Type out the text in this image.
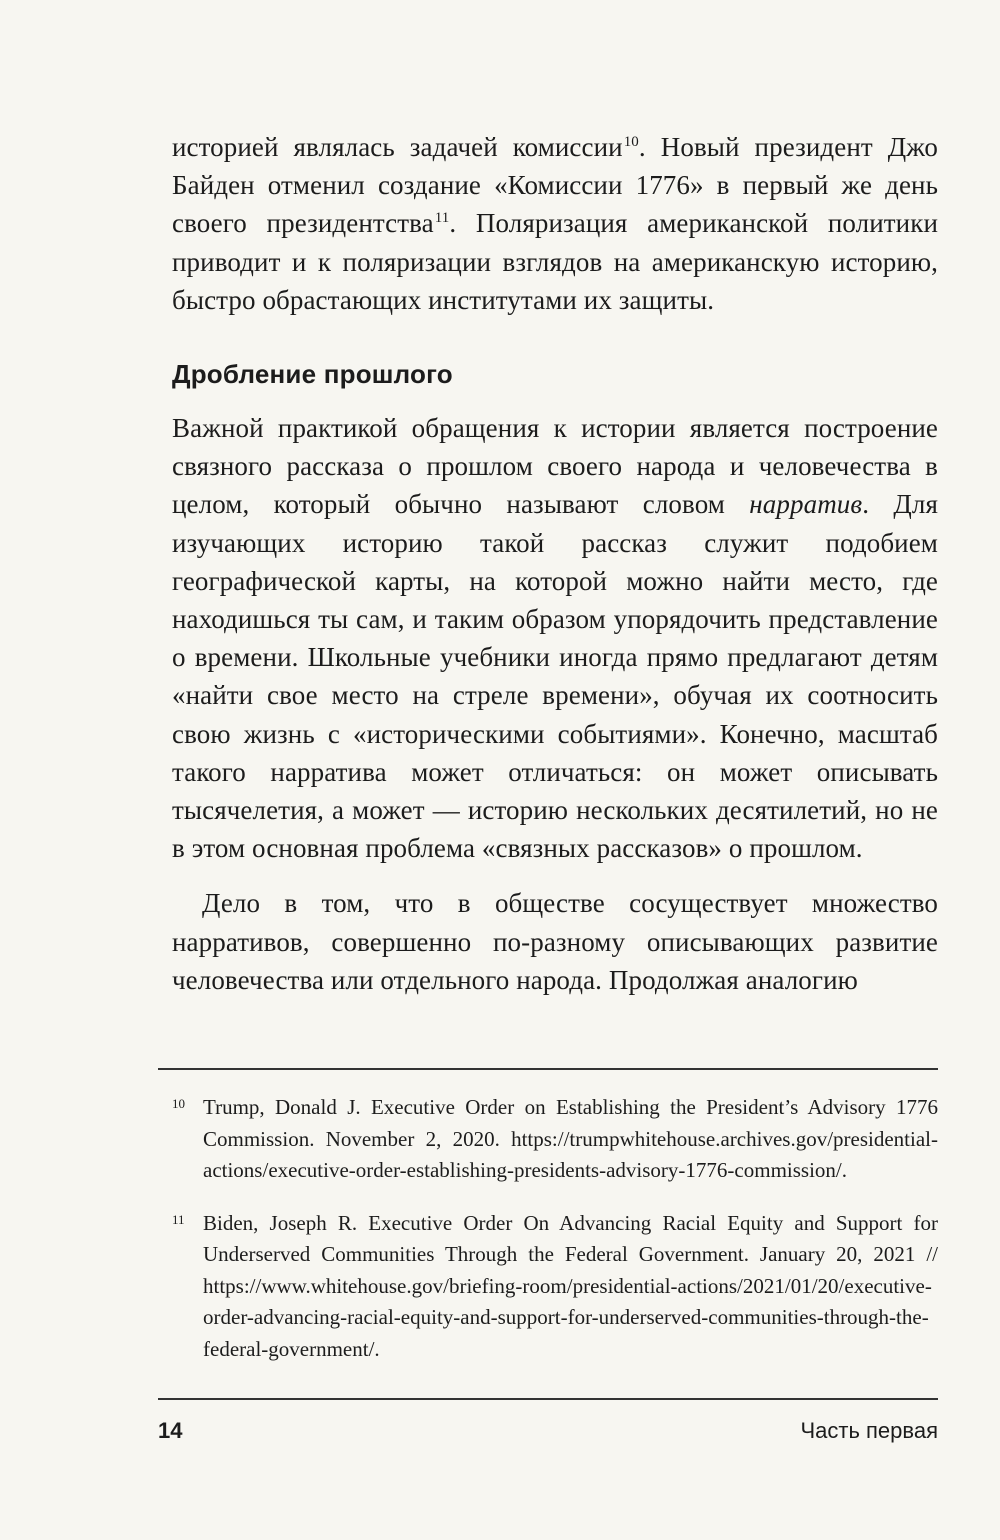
историей являлась задачей комиссии$^{10}$. Новый президент Джо Байден отменил создание «Комиссии 1776» в первый же день своего президентства$^{11}$. Поляризация американской политики приводит и к поляризации взглядов на американскую историю, быстро обрастающих институтами их защиты.

Дробление прошлого

Важной практикой обращения к истории является построение связного рассказа о прошлом своего народа и человечества в целом, который обычно называют словом нарратив. Для изучающих историю такой рассказ служит подобием географической карты, на которой можно найти место, где находишься ты сам, и таким образом упорядочить представление о времени. Школьные учебники иногда прямо предлагают детям «найти свое место на стреле времени», обучая их соотносить свою жизнь с «историческими событиями». Конечно, масштаб такого нарратива может отличаться: он может описывать тысячелетия, а может — историю нескольких десятилетий, но не в этом основная проблема «связных рассказов» о прошлом.

Дело в том, что в обществе сосуществует множество нарративов, совершенно по-разному описывающих развитие человечества или отдельного народа. Продолжая аналогию

10 Trump, Donald J. Executive Order on Establishing the President’s Advisory 1776 Commission. November 2, 2020. https://trumpwhitehouse.archives.gov/presidential-actions/executive-order-establishing-presidents-advisory-1776-commission/.

11 Biden, Joseph R. Executive Order On Advancing Racial Equity and Support for Underserved Communities Through the Federal Government. January 20, 2021 // https://www.whitehouse.gov/briefing-room/presidential-actions/2021/01/20/executive-order-advancing-racial-equity-and-support-for-underserved-communities-through-the-federal-government/.

14	Часть первая
